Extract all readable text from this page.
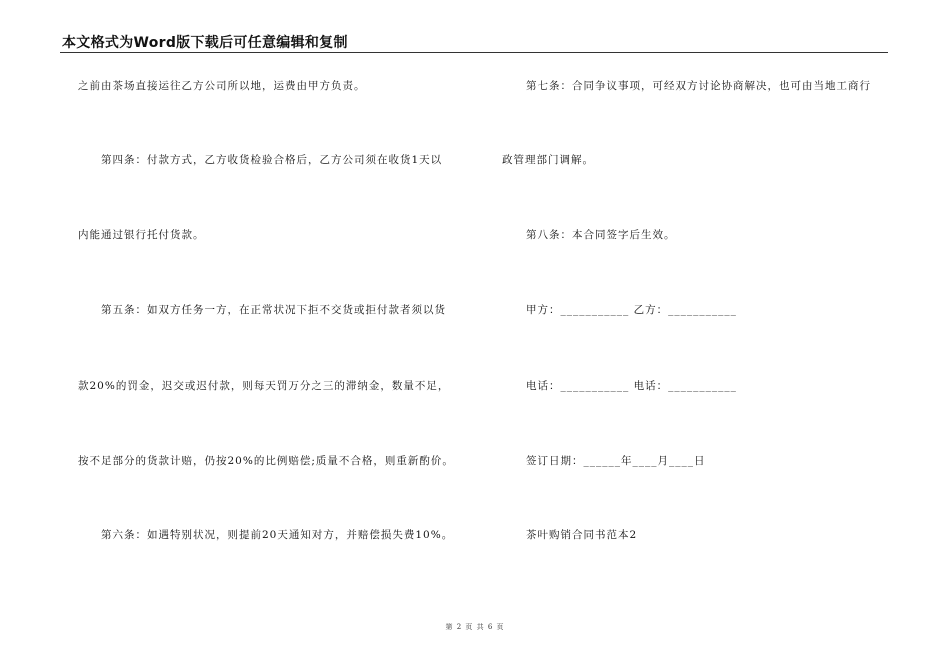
本文格式为Word版下载后可任意编辑和复制
之前由茶场直接运往乙方公司所以地，运费由甲方负责。
第四条：付款方式，乙方收货检验合格后，乙方公司须在收货1天以
内能通过银行托付货款。
第五条：如双方任务一方，在正常状况下拒不交货或拒付款者须以货
款20%的罚金，迟交或迟付款，则每天罚万分之三的滞纳金，数量不足，
按不足部分的货款计赔，仍按20%的比例赔偿;质量不合格，则重新酌价。
第六条：如遇特别状况，则提前20天通知对方，并赔偿损失费10%。
第七条：合同争议事项，可经双方讨论协商解决，也可由当地工商行
政管理部门调解。
第八条：本合同签字后生效。
甲方：___________ 乙方：___________
电话：___________ 电话：___________
签订日期：______年____月____日
茶叶购销合同书范本2
第 2 页 共 6 页
